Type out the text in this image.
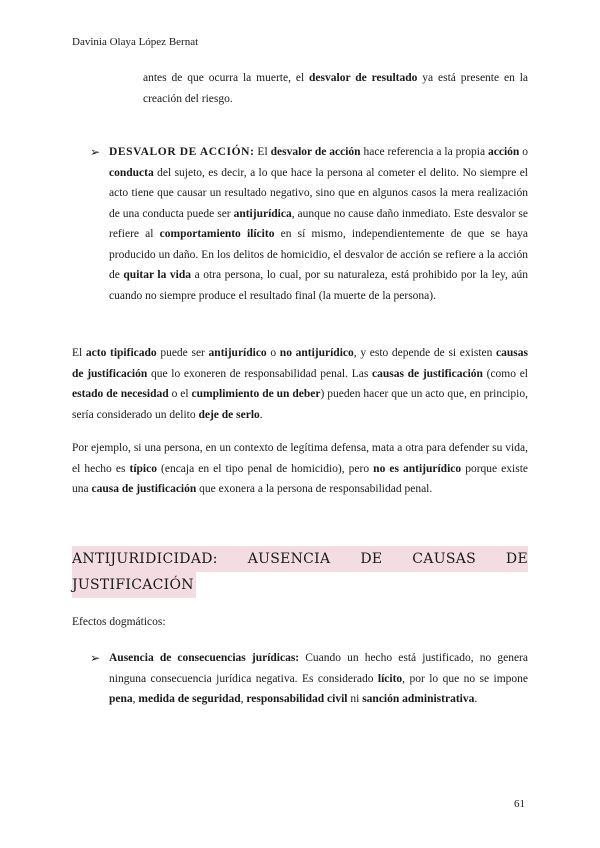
Davinia Olaya López Bernat

antes de que ocurra la muerte, el desvalor de resultado ya está presente en la creación del riesgo.

➢ DESVALOR DE ACCIÓN: El desvalor de acción hace referencia a la propia acción o conducta del sujeto, es decir, a lo que hace la persona al cometer el delito. No siempre el acto tiene que causar un resultado negativo, sino que en algunos casos la mera realización de una conducta puede ser antijurídica, aunque no cause daño inmediato. Este desvalor se refiere al comportamiento ilícito en sí mismo, independientemente de que se haya producido un daño. En los delitos de homicidio, el desvalor de acción se refiere a la acción de quitar la vida a otra persona, lo cual, por su naturaleza, está prohibido por la ley, aún cuando no siempre produce el resultado final (la muerte de la persona).

El acto tipificado puede ser antijurídico o no antijurídico, y esto depende de si existen causas de justificación que lo exoneren de responsabilidad penal. Las causas de justificación (como el estado de necesidad o el cumplimiento de un deber) pueden hacer que un acto que, en principio, sería considerado un delito deje de serlo.

Por ejemplo, si una persona, en un contexto de legítima defensa, mata a otra para defender su vida, el hecho es típico (encaja en el tipo penal de homicidio), pero no es antijurídico porque existe una causa de justificación que exonera a la persona de responsabilidad penal.

ANTIJURIDICIDAD: AUSENCIA DE CAUSAS DE
JUSTIFICACIÓN
Efectos dogmáticos:
➢ Ausencia de consecuencias jurídicas: Cuando un hecho está justificado, no genera ninguna consecuencia jurídica negativa. Es considerado lícito, por lo que no se impone pena, medida de seguridad, responsabilidad civil ni sanción administrativa.
61
